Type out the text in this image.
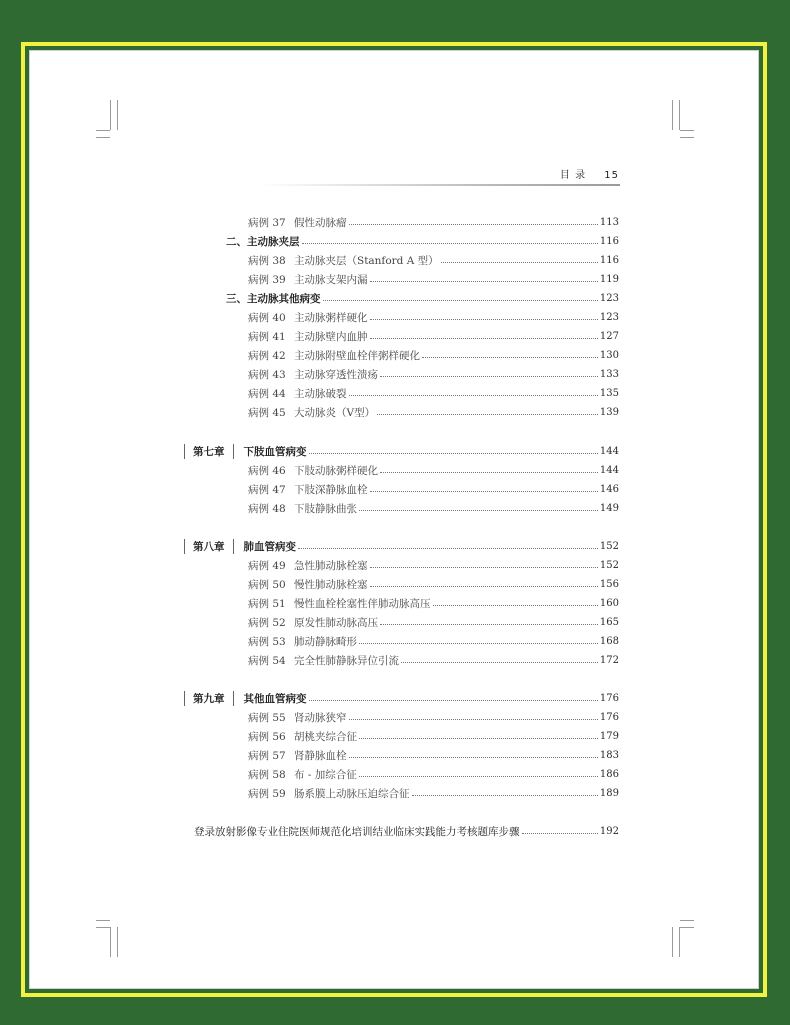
目 录 15
病例 37 假性动脉瘤	113
二、主动脉夹层	116
病例 38 主动脉夹层（Stanford A 型）	116
病例 39 主动脉支架内漏	119
三、主动脉其他病变	123
病例 40 主动脉粥样硬化	123
病例 41 主动脉壁内血肿	127
病例 42 主动脉附壁血栓伴粥样硬化	130
病例 43 主动脉穿透性溃疡	133
病例 44 主动脉破裂	135
病例 45 大动脉炎（Ⅴ型）	139
第七章	下肢血管病变	144
病例 46 下肢动脉粥样硬化	144
病例 47 下肢深静脉血栓	146
病例 48 下肢静脉曲张	149
第八章	肺血管病变	152
病例 49 急性肺动脉栓塞	152
病例 50 慢性肺动脉栓塞	156
病例 51 慢性血栓栓塞性伴肺动脉高压	160
病例 52 原发性肺动脉高压	165
病例 53 肺动静脉畸形	168
病例 54 完全性肺静脉异位引流	172
第九章	其他血管病变	176
病例 55 肾动脉狭窄	176
病例 56 胡桃夹综合征	179
病例 57 肾静脉血栓	183
病例 58 布 - 加综合征	186
病例 59 肠系膜上动脉压迫综合征	189
登录放射影像专业住院医师规范化培训结业临床实践能力考核题库步骤	192
